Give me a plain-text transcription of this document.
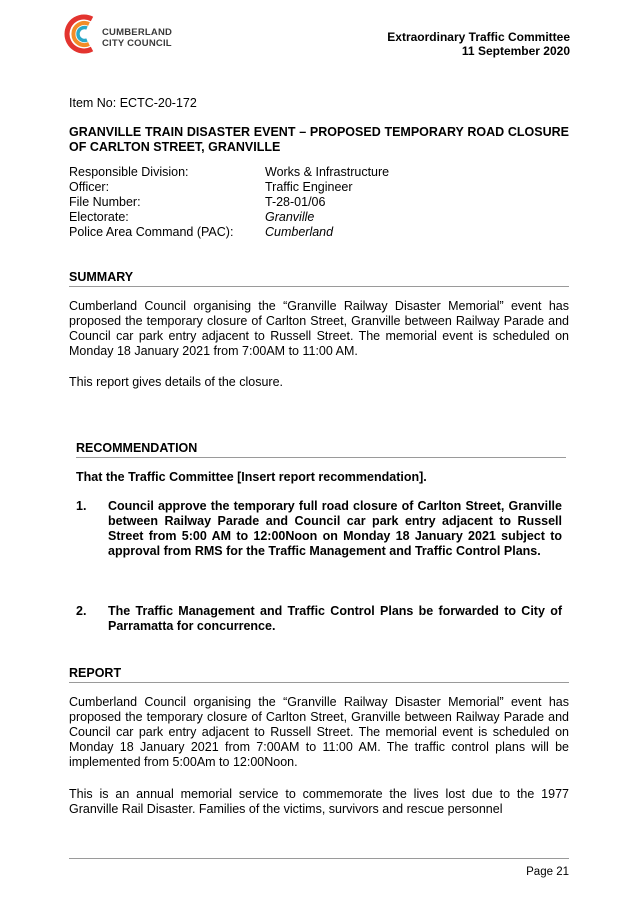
CUMBERLAND
CITY COUNCIL	Extraordinary Traffic Committee
11 September 2020
Item No: ECTC-20-172
GRANVILLE TRAIN DISASTER EVENT – PROPOSED TEMPORARY ROAD CLOSURE OF CARLTON STREET, GRANVILLE
Responsible Division:	Works & Infrastructure
Officer:	Traffic Engineer
File Number:	T-28-01/06
Electorate:	Granville
Police Area Command (PAC):	Cumberland
SUMMARY
Cumberland Council organising the “Granville Railway Disaster Memorial” event has proposed the temporary closure of Carlton Street, Granville between Railway Parade and Council car park entry adjacent to Russell Street. The memorial event is scheduled on Monday 18 January 2021 from 7:00AM to 11:00 AM.
This report gives details of the closure.
RECOMMENDATION
That the Traffic Committee [Insert report recommendation].
1.	Council approve the temporary full road closure of Carlton Street, Granville between Railway Parade and Council car park entry adjacent to Russell Street from 5:00 AM to 12:00Noon on Monday 18 January 2021 subject to approval from RMS for the Traffic Management and Traffic Control Plans.
2.	The Traffic Management and Traffic Control Plans be forwarded to City of Parramatta for concurrence.
REPORT
Cumberland Council organising the “Granville Railway Disaster Memorial” event has proposed the temporary closure of Carlton Street, Granville between Railway Parade and Council car park entry adjacent to Russell Street. The memorial event is scheduled on Monday 18 January 2021 from 7:00AM to 11:00 AM. The traffic control plans will be implemented from 5:00Am to 12:00Noon.
This is an annual memorial service to commemorate the lives lost due to the 1977 Granville Rail Disaster. Families of the victims, survivors and rescue personnel
Page 21
